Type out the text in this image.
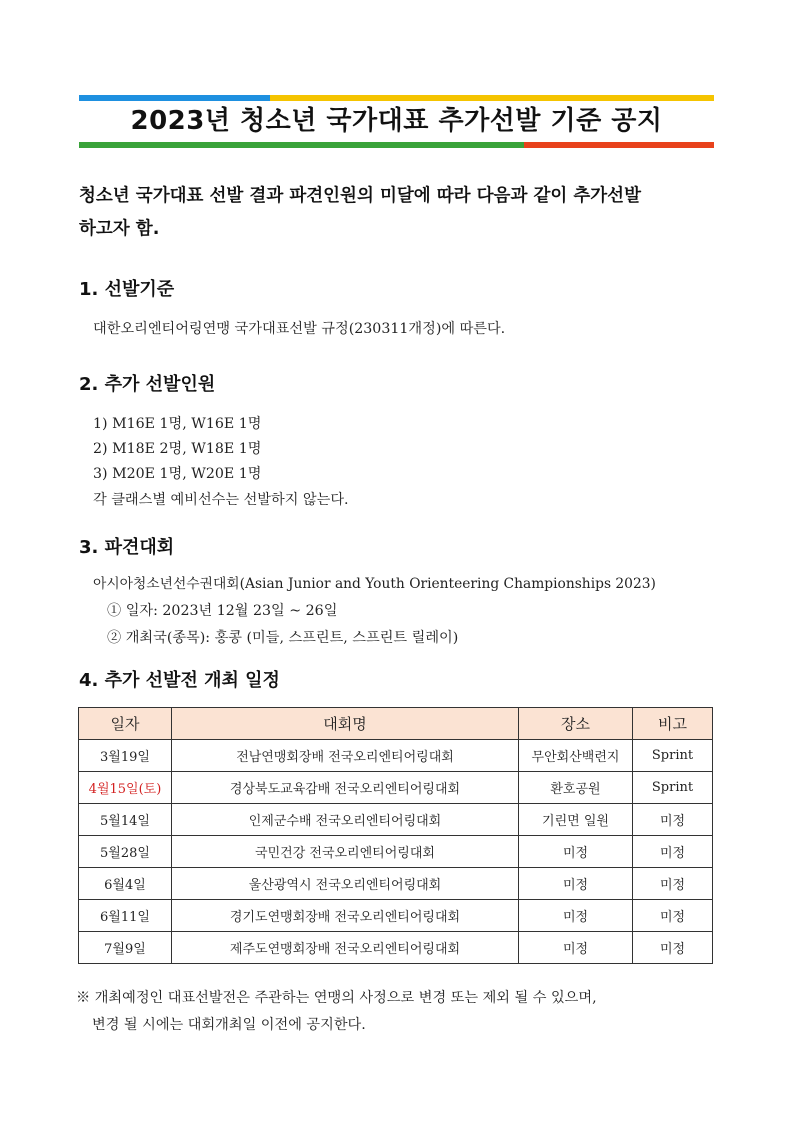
2023년 청소년 국가대표 추가선발 기준 공지
청소년 국가대표 선발 결과 파견인원의 미달에 따라 다음과 같이 추가선발
하고자 함.
1. 선발기준
대한오리엔티어링연맹 국가대표선발 규정(230311개정)에 따른다.
2. 추가 선발인원
1) M16E 1명, W16E 1명
2) M18E 2명, W18E 1명
3) M20E 1명, W20E 1명
각 클래스별 예비선수는 선발하지 않는다.
3. 파견대회
아시아청소년선수권대회(Asian Junior and Youth Orienteering Championships 2023)
① 일자: 2023년 12월 23일 ~ 26일
② 개최국(종목): 홍콩 (미들, 스프린트, 스프린트 릴레이)
4. 추가 선발전 개최 일정
일자	대회명	장소	비고
3월19일	전남연맹회장배 전국오리엔티어링대회	무안회산백련지	Sprint
4월15일(토)	경상북도교육감배 전국오리엔티어링대회	환호공원	Sprint
5월14일	인제군수배 전국오리엔티어링대회	기린면 일원	미정
5월28일	국민건강 전국오리엔티어링대회	미정	미정
6월4일	울산광역시 전국오리엔티어링대회	미정	미정
6월11일	경기도연맹회장배 전국오리엔티어링대회	미정	미정
7월9일	제주도연맹회장배 전국오리엔티어링대회	미정	미정
※ 개최예정인 대표선발전은 주관하는 연맹의 사정으로 변경 또는 제외 될 수 있으며,
변경 될 시에는 대회개최일 이전에 공지한다.
